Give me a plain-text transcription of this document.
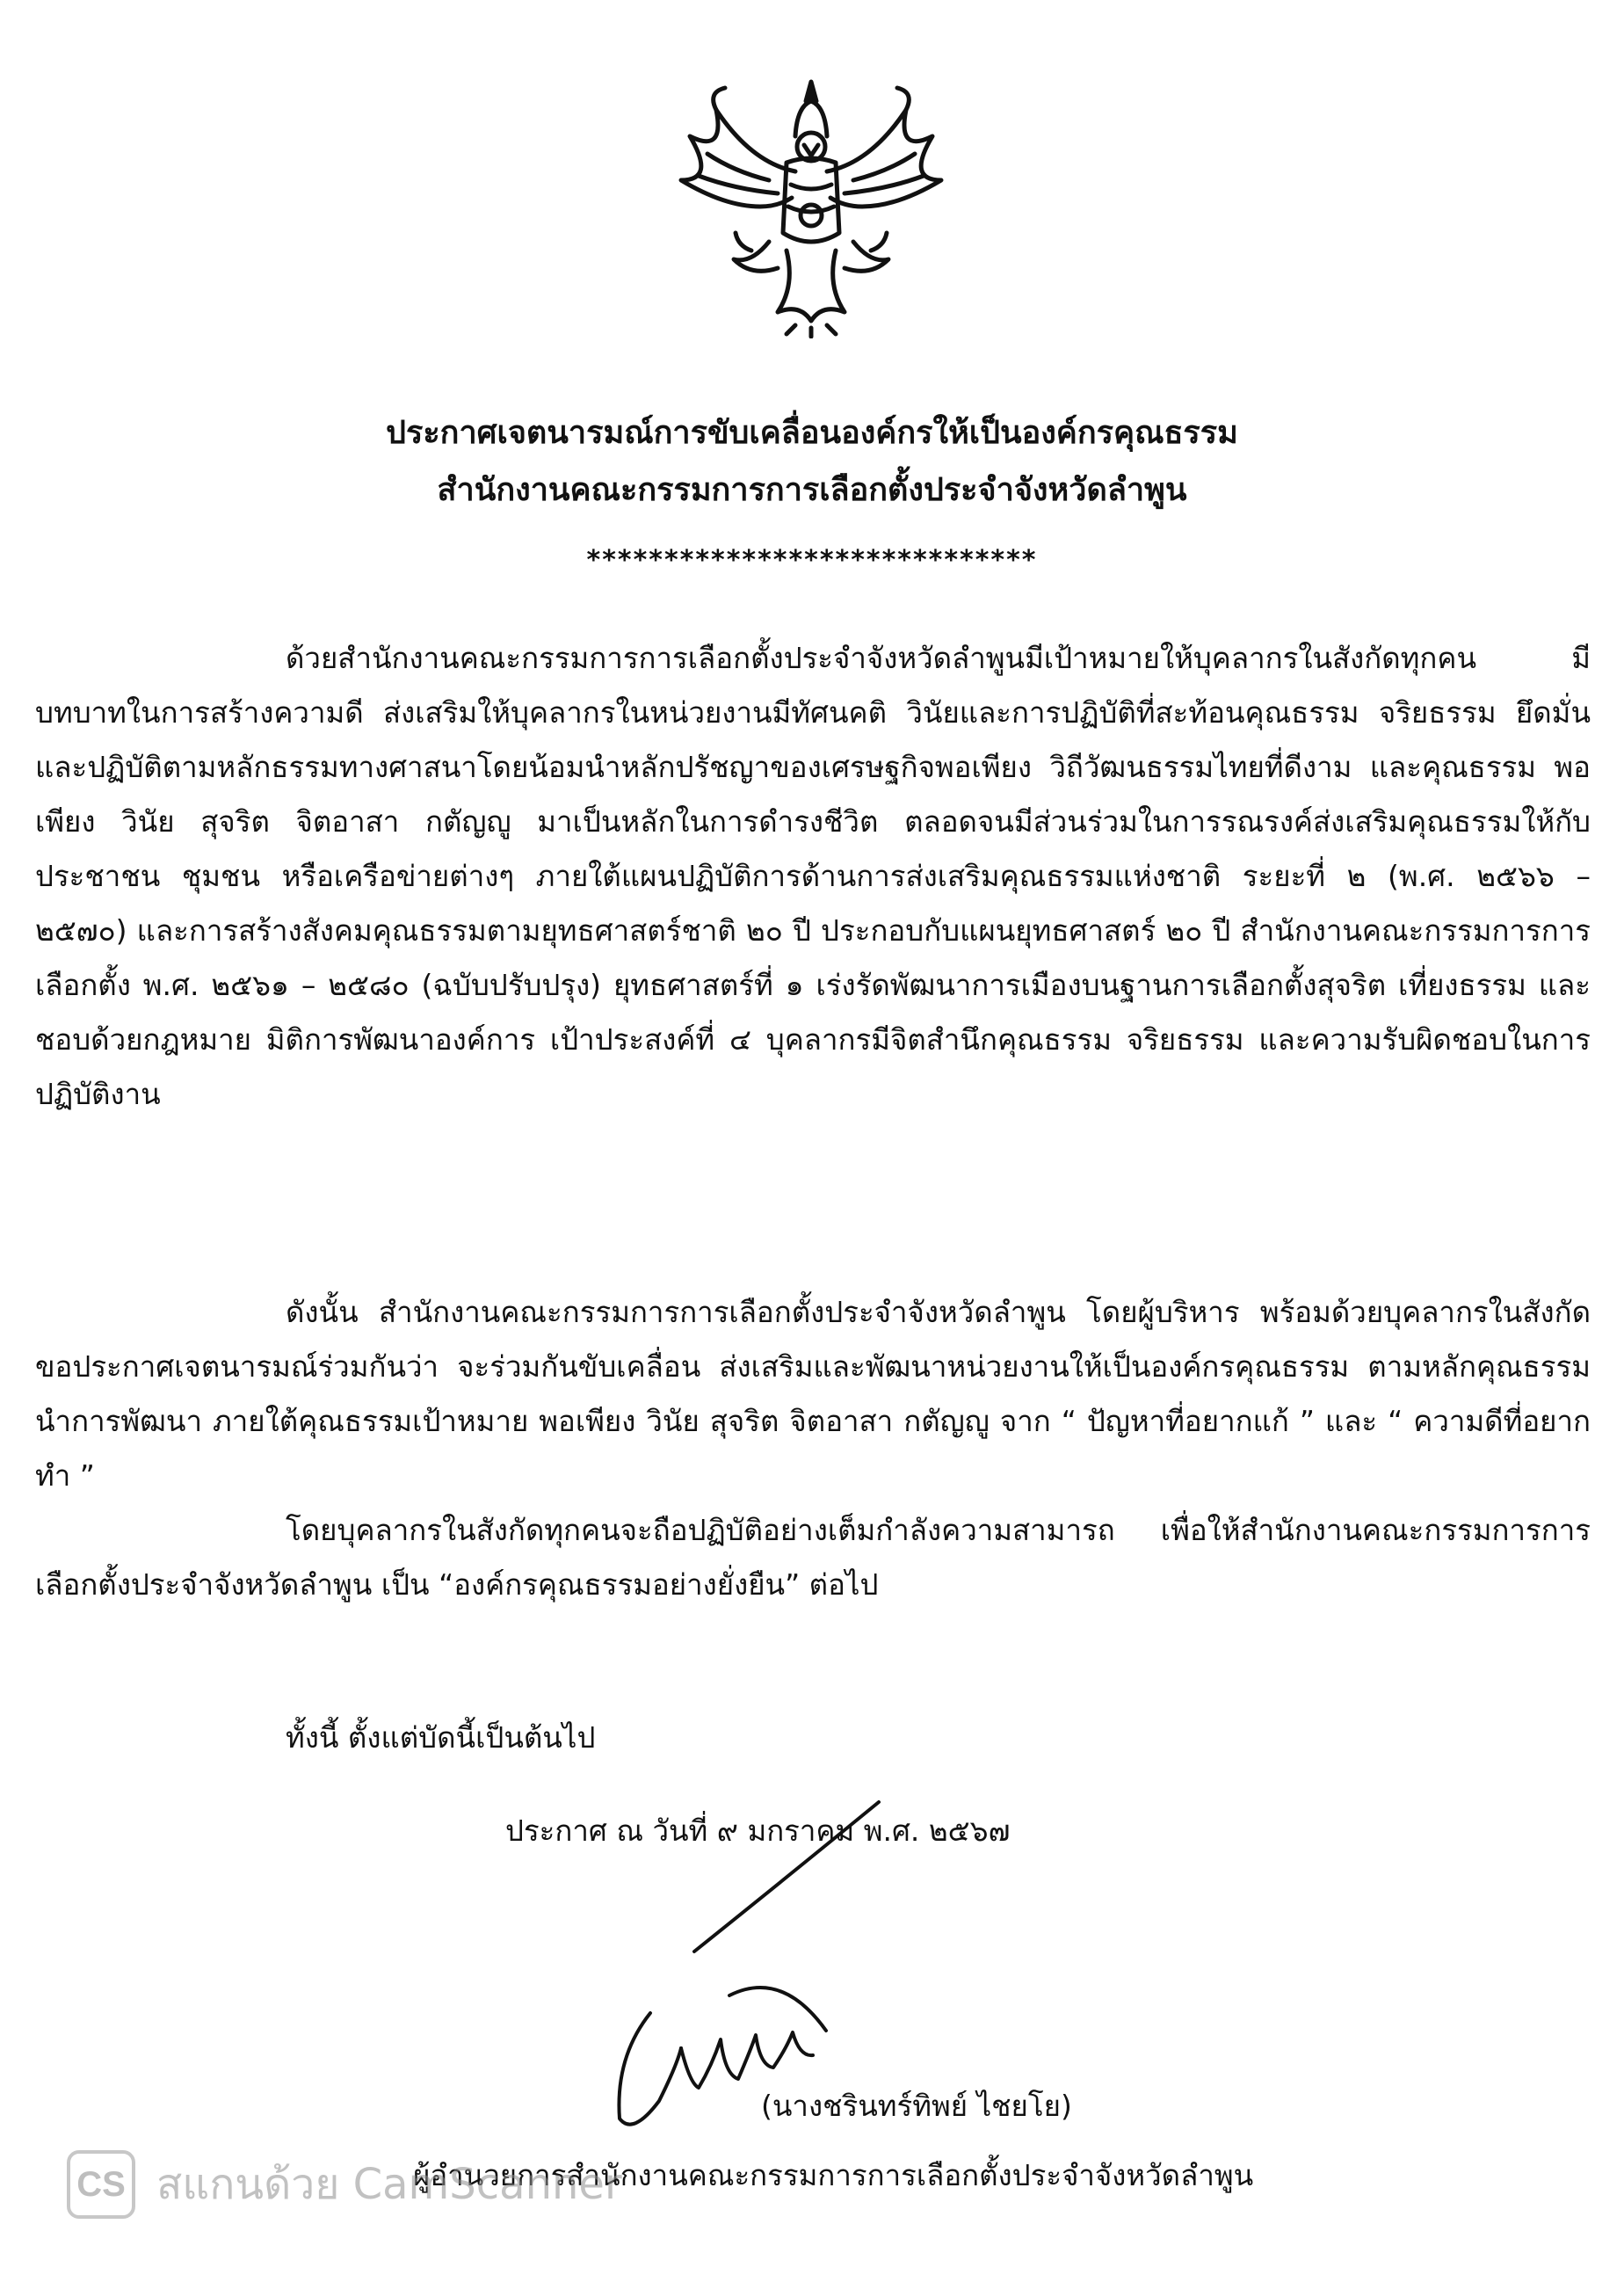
ประกาศเจตนารมณ์การขับเคลื่อนองค์กรให้เป็นองค์กรคุณธรรม
สำนักงานคณะกรรมการการเลือกตั้งประจำจังหวัดลำพูน
*****************************

ด้วยสำนักงานคณะกรรมการการเลือกตั้งประจำจังหวัดลำพูนมีเป้าหมายให้บุคลากรในสังกัดทุกคน มีบทบาทในการสร้างความดี ส่งเสริมให้บุคลากรในหน่วยงานมีทัศนคติ วินัยและการปฏิบัติที่สะท้อนคุณธรรม จริยธรรม ยึดมั่นและปฏิบัติตามหลักธรรมทางศาสนาโดยน้อมนำหลักปรัชญาของเศรษฐกิจพอเพียง วิถีวัฒนธรรมไทยที่ดีงาม และคุณธรรม พอเพียง วินัย สุจริต จิตอาสา กตัญญู มาเป็นหลักในการดำรงชีวิต ตลอดจนมีส่วนร่วมในการรณรงค์ส่งเสริมคุณธรรมให้กับประชาชน ชุมชน หรือเครือข่ายต่างๆ ภายใต้แผนปฏิบัติการด้านการส่งเสริมคุณธรรมแห่งชาติ ระยะที่ ๒ (พ.ศ. ๒๕๖๖ – ๒๕๗๐) และการสร้างสังคมคุณธรรมตามยุทธศาสตร์ชาติ ๒๐ ปี ประกอบกับแผนยุทธศาสตร์ ๒๐ ปี สำนักงานคณะกรรมการการเลือกตั้ง พ.ศ. ๒๕๖๑ – ๒๕๘๐ (ฉบับปรับปรุง) ยุทธศาสตร์ที่ ๑ เร่งรัดพัฒนาการเมืองบนฐานการเลือกตั้งสุจริต เที่ยงธรรม และชอบด้วยกฎหมาย มิติการพัฒนาองค์การ เป้าประสงค์ที่ ๔ บุคลากรมีจิตสำนึกคุณธรรม จริยธรรม และความรับผิดชอบในการปฏิบัติงาน

ดังนั้น สำนักงานคณะกรรมการการเลือกตั้งประจำจังหวัดลำพูน โดยผู้บริหาร พร้อมด้วยบุคลากรในสังกัดขอประกาศเจตนารมณ์ร่วมกันว่า จะร่วมกันขับเคลื่อน ส่งเสริมและพัฒนาหน่วยงานให้เป็นองค์กรคุณธรรม ตามหลักคุณธรรมนำการพัฒนา ภายใต้คุณธรรมเป้าหมาย พอเพียง วินัย สุจริต จิตอาสา กตัญญู จาก “ ปัญหาที่อยากแก้ ” และ “ ความดีที่อยากทำ ”

โดยบุคลากรในสังกัดทุกคนจะถือปฏิบัติอย่างเต็มกำลังความสามารถ เพื่อให้สำนักงานคณะกรรมการการเลือกตั้งประจำจังหวัดลำพูน เป็น “องค์กรคุณธรรมอย่างยั่งยืน” ต่อไป

ทั้งนี้ ตั้งแต่บัดนี้เป็นต้นไป
ประกาศ ณ วันที่ ๙ มกราคม พ.ศ. ๒๕๖๗
(นางชรินทร์ทิพย์ ไชยโย)
ผู้อำนวยการสำนักงานคณะกรรมการการเลือกตั้งประจำจังหวัดลำพูน
CS สแกนด้วย CamScanner
